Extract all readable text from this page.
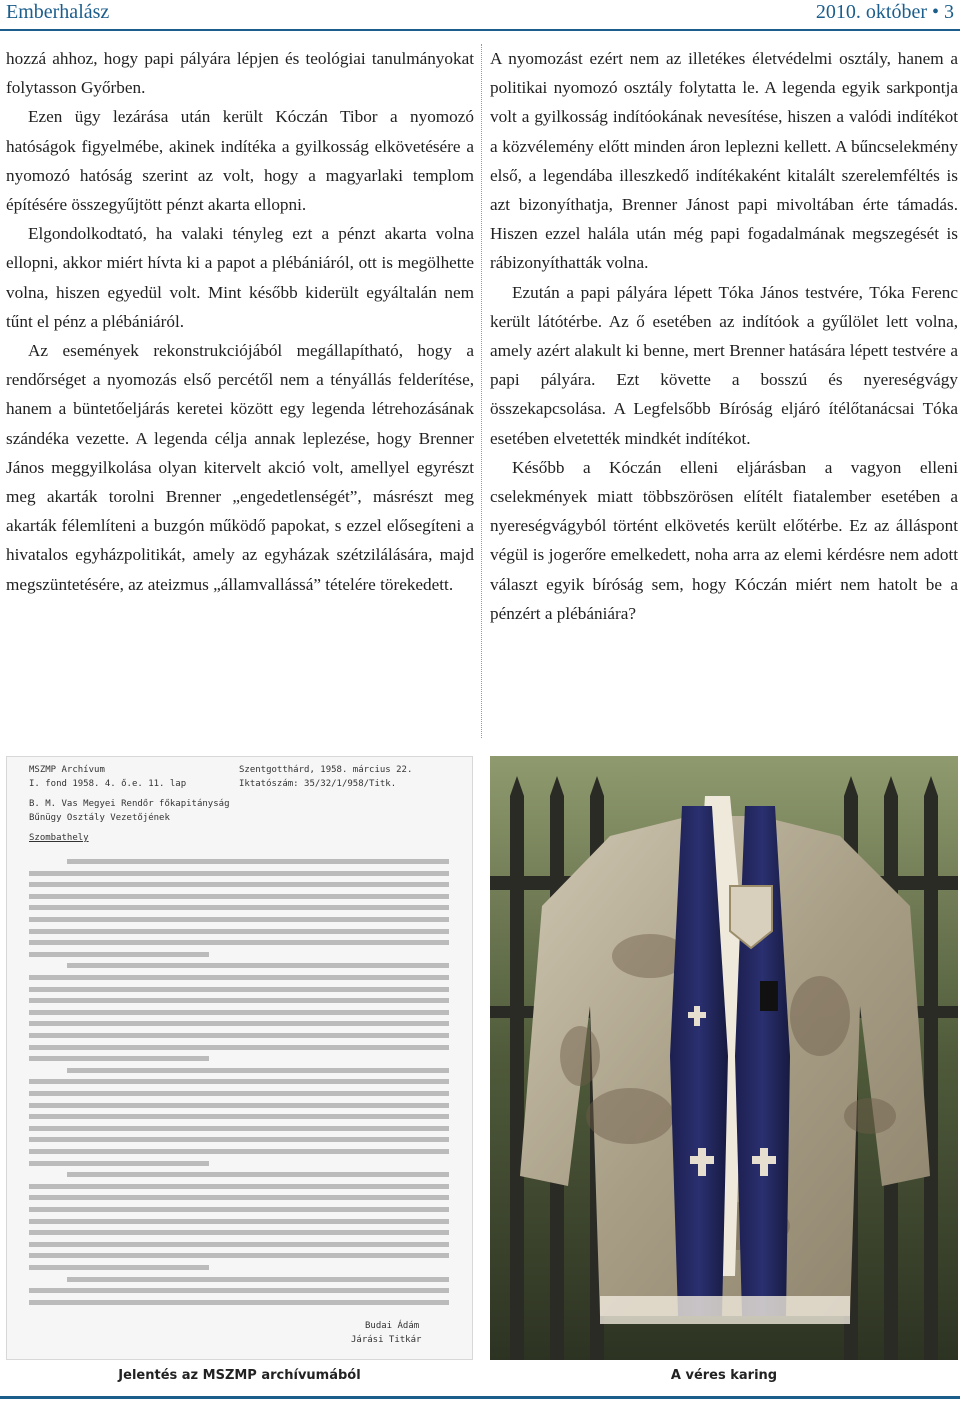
Emberhalász	2010. október • 3

hozzá ahhoz, hogy papi pályára lépjen és teológiai tanulmányokat folytasson Győrben.

Ezen ügy lezárása után került Kóczán Tibor a nyomozó hatóságok figyelmébe, akinek indítéka a gyilkosság elkövetésére a nyomozó hatóság szerint az volt, hogy a magyarlaki templom építésére összegyűjtött pénzt akarta ellopni.

Elgondolkodtató, ha valaki tényleg ezt a pénzt akarta volna ellopni, akkor miért hívta ki a papot a plébániáról, ott is megölhette volna, hiszen egyedül volt. Mint később kiderült egyáltalán nem tűnt el pénz a plébániáról.

Az események rekonstrukciójából megállapítható, hogy a rendőrséget a nyomozás első percétől nem a tényállás felderítése, hanem a büntetőeljárás keretei között egy legenda létrehozásának szándéka vezette. A legenda célja annak leplezése, hogy Brenner János meggyilkolása olyan kitervelt akció volt, amellyel egyrészt meg akarták torolni Brenner „engedetlenségét”, másrészt meg akarták félemlíteni a buzgón működő papokat, s ezzel elősegíteni a hivatalos egyházpolitikát, amely az egyházak szétzilálására, majd megszüntetésére, az ateizmus „államvallássá” tételére törekedett.

A nyomozást ezért nem az illetékes életvédelmi osztály, hanem a politikai nyomozó osztály folytatta le. A legenda egyik sarkpontja volt a gyilkosság indítóokának nevesítése, hiszen a valódi indítékot a közvélemény előtt minden áron leplezni kellett. A bűncselekmény első, a legendába illeszkedő indítékaként kitalált szerelemféltés is azt bizonyíthatja, Brenner Jánost papi mivoltában érte támadás. Hiszen ezzel halála után még papi fogadalmának megszegését is rábizonyíthatták volna.

Ezután a papi pályára lépett Tóka János testvére, Tóka Ferenc került látótérbe. Az ő esetében az indítóok a gyűlölet lett volna, amely azért alakult ki benne, mert Brenner hatására lépett testvére a papi pályára. Ezt követte a bosszú és nyereségvágy összekapcsolása. A Legfelsőbb Bíróság eljáró ítélőtanácsai Tóka esetében elvetették mindkét indítékot.

Később a Kóczán elleni eljárásban a vagyon elleni cselekmények miatt többszörösen elítélt fiatalember esetében a nyereségvágyból történt elkövetés került előtérbe. Ez az álláspont végül is jogerőre emelkedett, noha arra az elemi kérdésre nem adott választ egyik bíróság sem, hogy Kóczán miért nem hatolt be a pénzért a plébániára?

MSZMP Archívum	Szentgotthárd, 1958. március 22.
I. fond 1958. 4. ő.e. 11. lap	Iktatószám: 35/32/1/958/Titk.
B. M. Vas Megyei Rendőr főkapitányság
Bűnügy Osztály Vezetőjének
Szombathely
Budai Ádám
Járási Titkár
Jelentés az MSZMP archívumából	A véres karing
